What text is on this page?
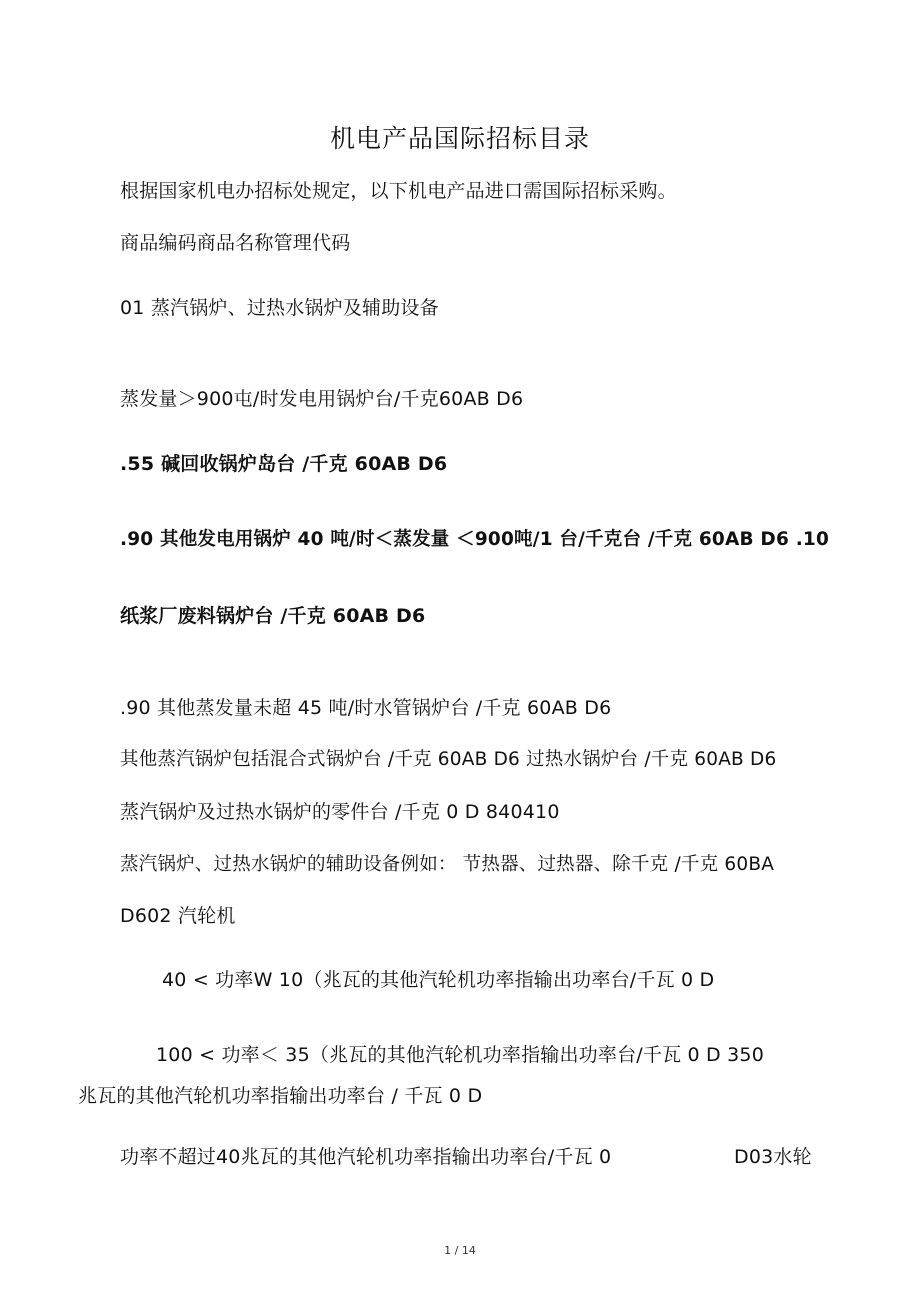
机电产品国际招标目录
根据国家机电办招标处规定，以下机电产品进口需国际招标采购。
商品编码商品名称管理代码
01 蒸汽锅炉、过热水锅炉及辅助设备
蒸发量＞900屯/时发电用锅炉台/千克60AB D6
.55 碱回收锅炉岛台 /千克 60AB D6
.90 其他发电用锅炉 40 吨/时＜蒸发量 ＜900吨/1 台/千克台 /千克 60AB D6 .10
纸浆厂废料锅炉台 /千克 60AB D6
.90 其他蒸发量未超 45 吨/时水管锅炉台 /千克 60AB D6
其他蒸汽锅炉包括混合式锅炉台 /千克 60AB D6 过热水锅炉台 /千克 60AB D6
蒸汽锅炉及过热水锅炉的零件台 /千克 0 D 840410
蒸汽锅炉、过热水锅炉的辅助设备例如： 节热器、过热器、除千克 /千克 60BA
D602 汽轮机
40 < 功率W 10（兆瓦的其他汽轮机功率指输出功率台/千瓦 0 D
100 < 功率＜ 35（兆瓦的其他汽轮机功率指输出功率台/千瓦 0 D 350
兆瓦的其他汽轮机功率指输出功率台 / 千瓦 0 D
功率不超过40兆瓦的其他汽轮机功率指输出功率台/千瓦 0	D03水轮
1 / 14
